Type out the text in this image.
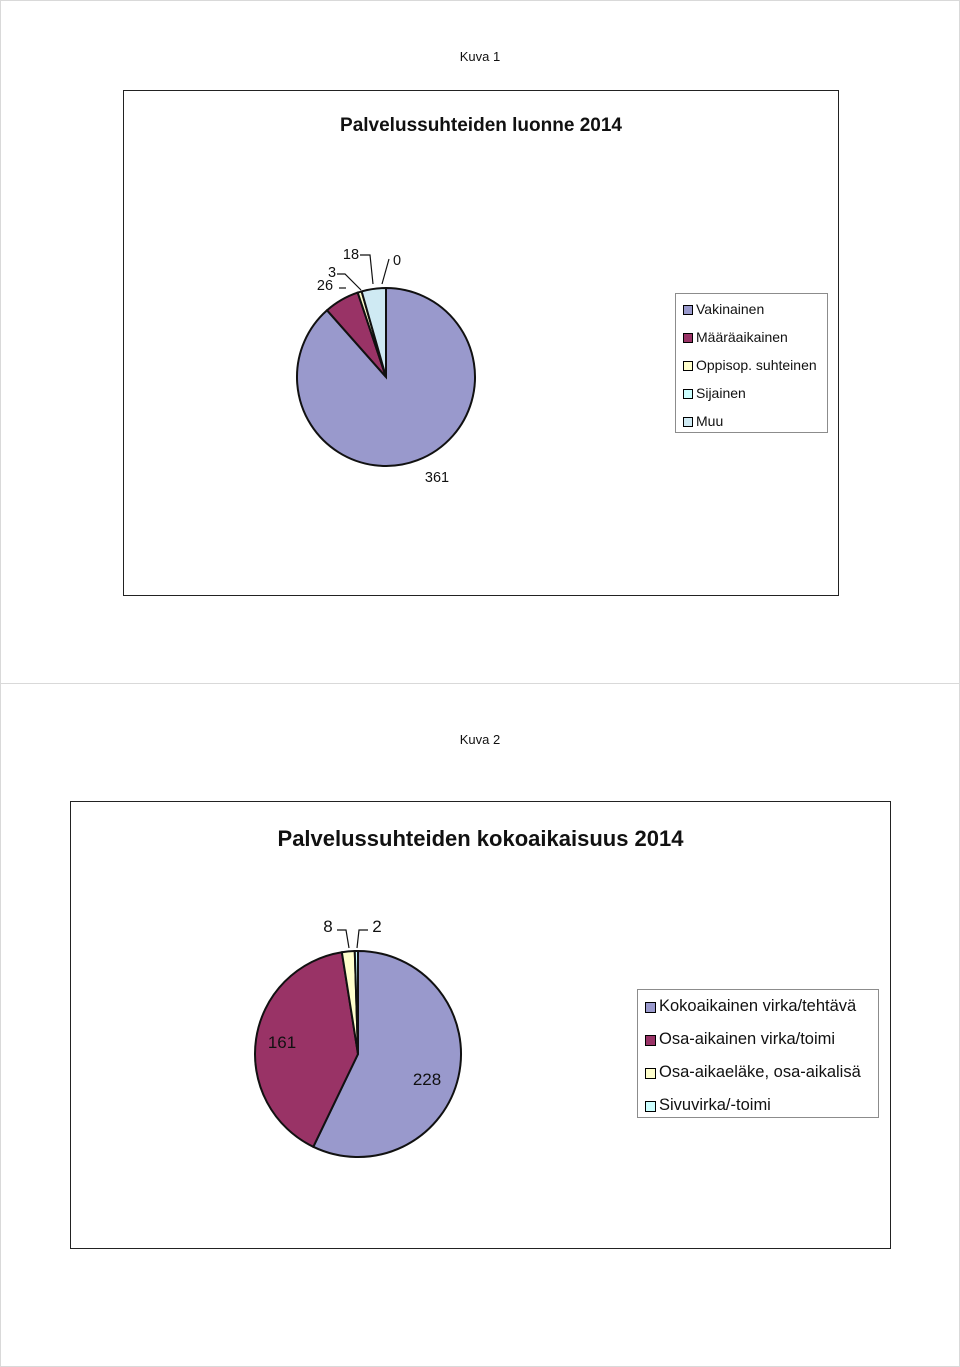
Kuva 1
Palvelussuhteiden luonne 2014
361
26
3
0
18
Vakinainen
Määräaikainen
Oppisop. suhteinen
Sijainen
Muu
Kuva 2
Palvelussuhteiden kokoaikaisuus 2014
228
161
8 2
Kokoaikainen virka/tehtävä
Osa-aikainen virka/toimi
Osa-aikaeläke, osa-aikalisä
Sivuvirka/-toimi
